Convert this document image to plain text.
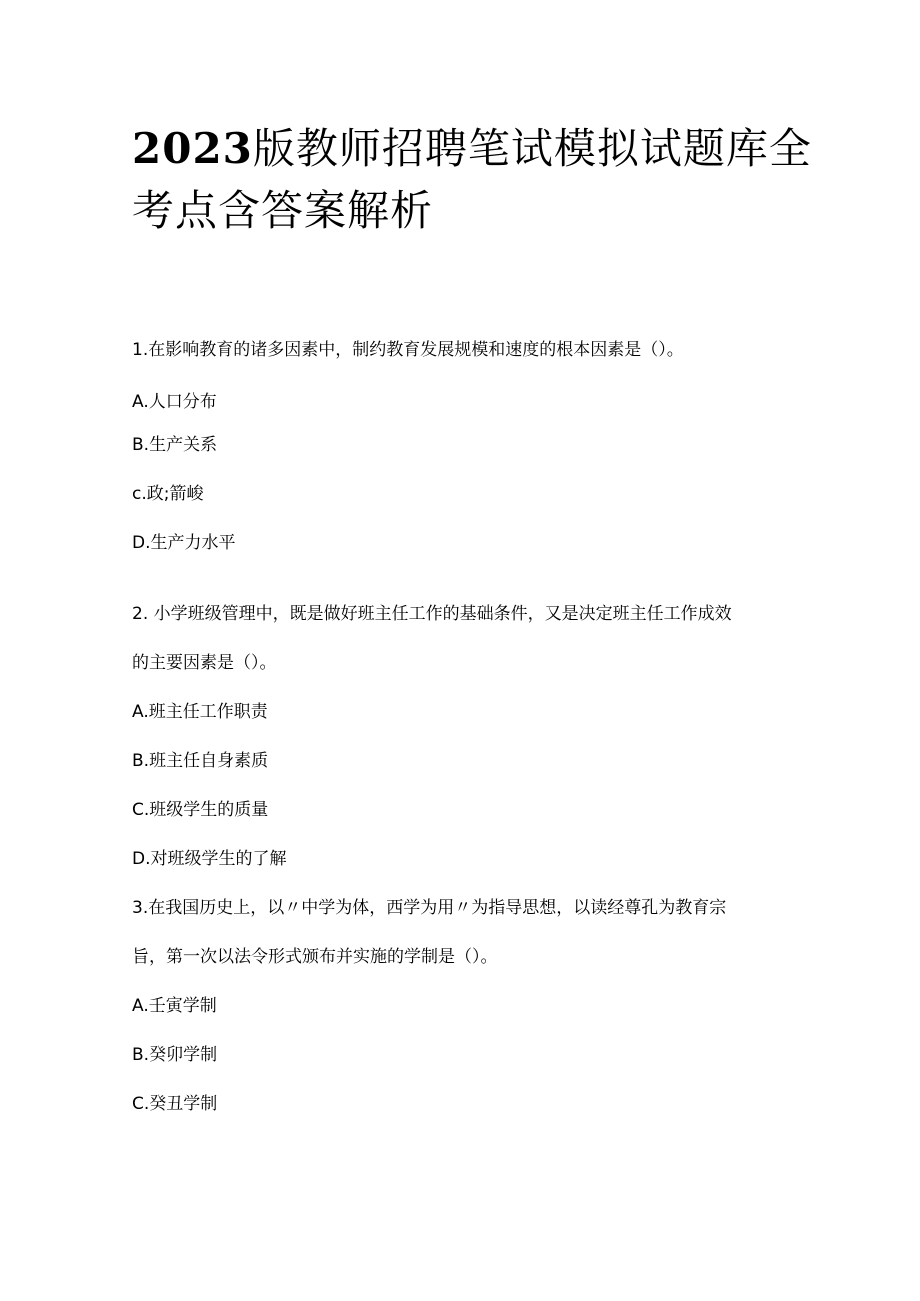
2023版教师招聘笔试模拟试题库全考点含答案解析

1.在影响教育的诸多因素中，制约教育发展规模和速度的根本因素是（）。

A.人口分布

B.生产关系

c.政;箭峻

D.生产力水平

2. 小学班级管理中，既是做好班主任工作的基础条件，又是决定班主任工作成效

的主要因素是（）。

A.班主任工作职责

B.班主任自身素质

C.班级学生的质量

D.对班级学生的了解

3.在我国历史上，以〃中学为体，西学为用〃为指导思想，以读经尊孔为教育宗

旨，第一次以法令形式颁布并实施的学制是（）。

A.壬寅学制

B.癸卯学制

C.癸丑学制
